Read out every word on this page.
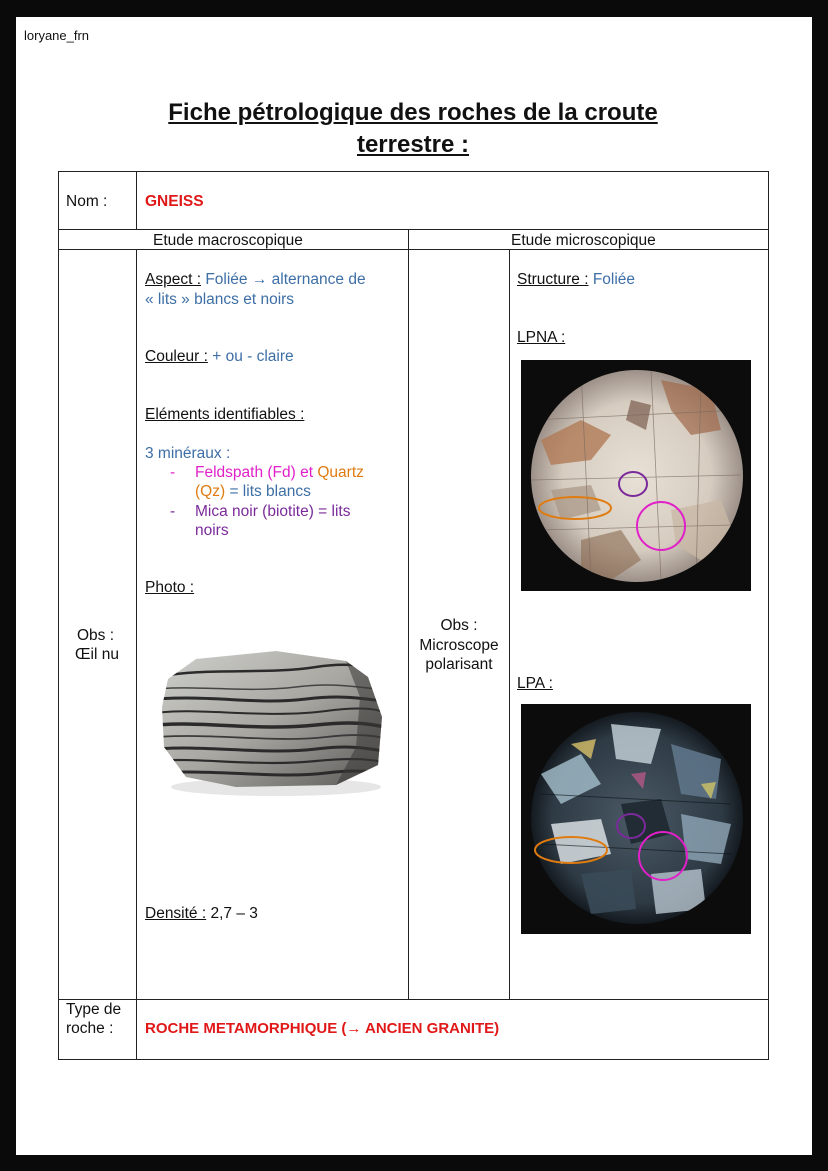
loryane_frn
Fiche pétrologique des roches de la croute
terrestre :
Nom : GNEISS
Etude macroscopique	Etude microscopique
Obs :
Œil nu
Obs :
Microscope
polarisant
Aspect : Foliée → alternance de
« lits » blancs et noirs
Couleur : + ou - claire
Eléments identifiables :
3 minéraux :
- Feldspath (Fd) et Quartz
(Qz) = lits blancs
- Mica noir (biotite) = lits
noirs
Photo :
Densité : 2,7 – 3
Structure : Foliée
LPNA :
LPA :
Type de
roche : ROCHE METAMORPHIQUE (→ ANCIEN GRANITE)
